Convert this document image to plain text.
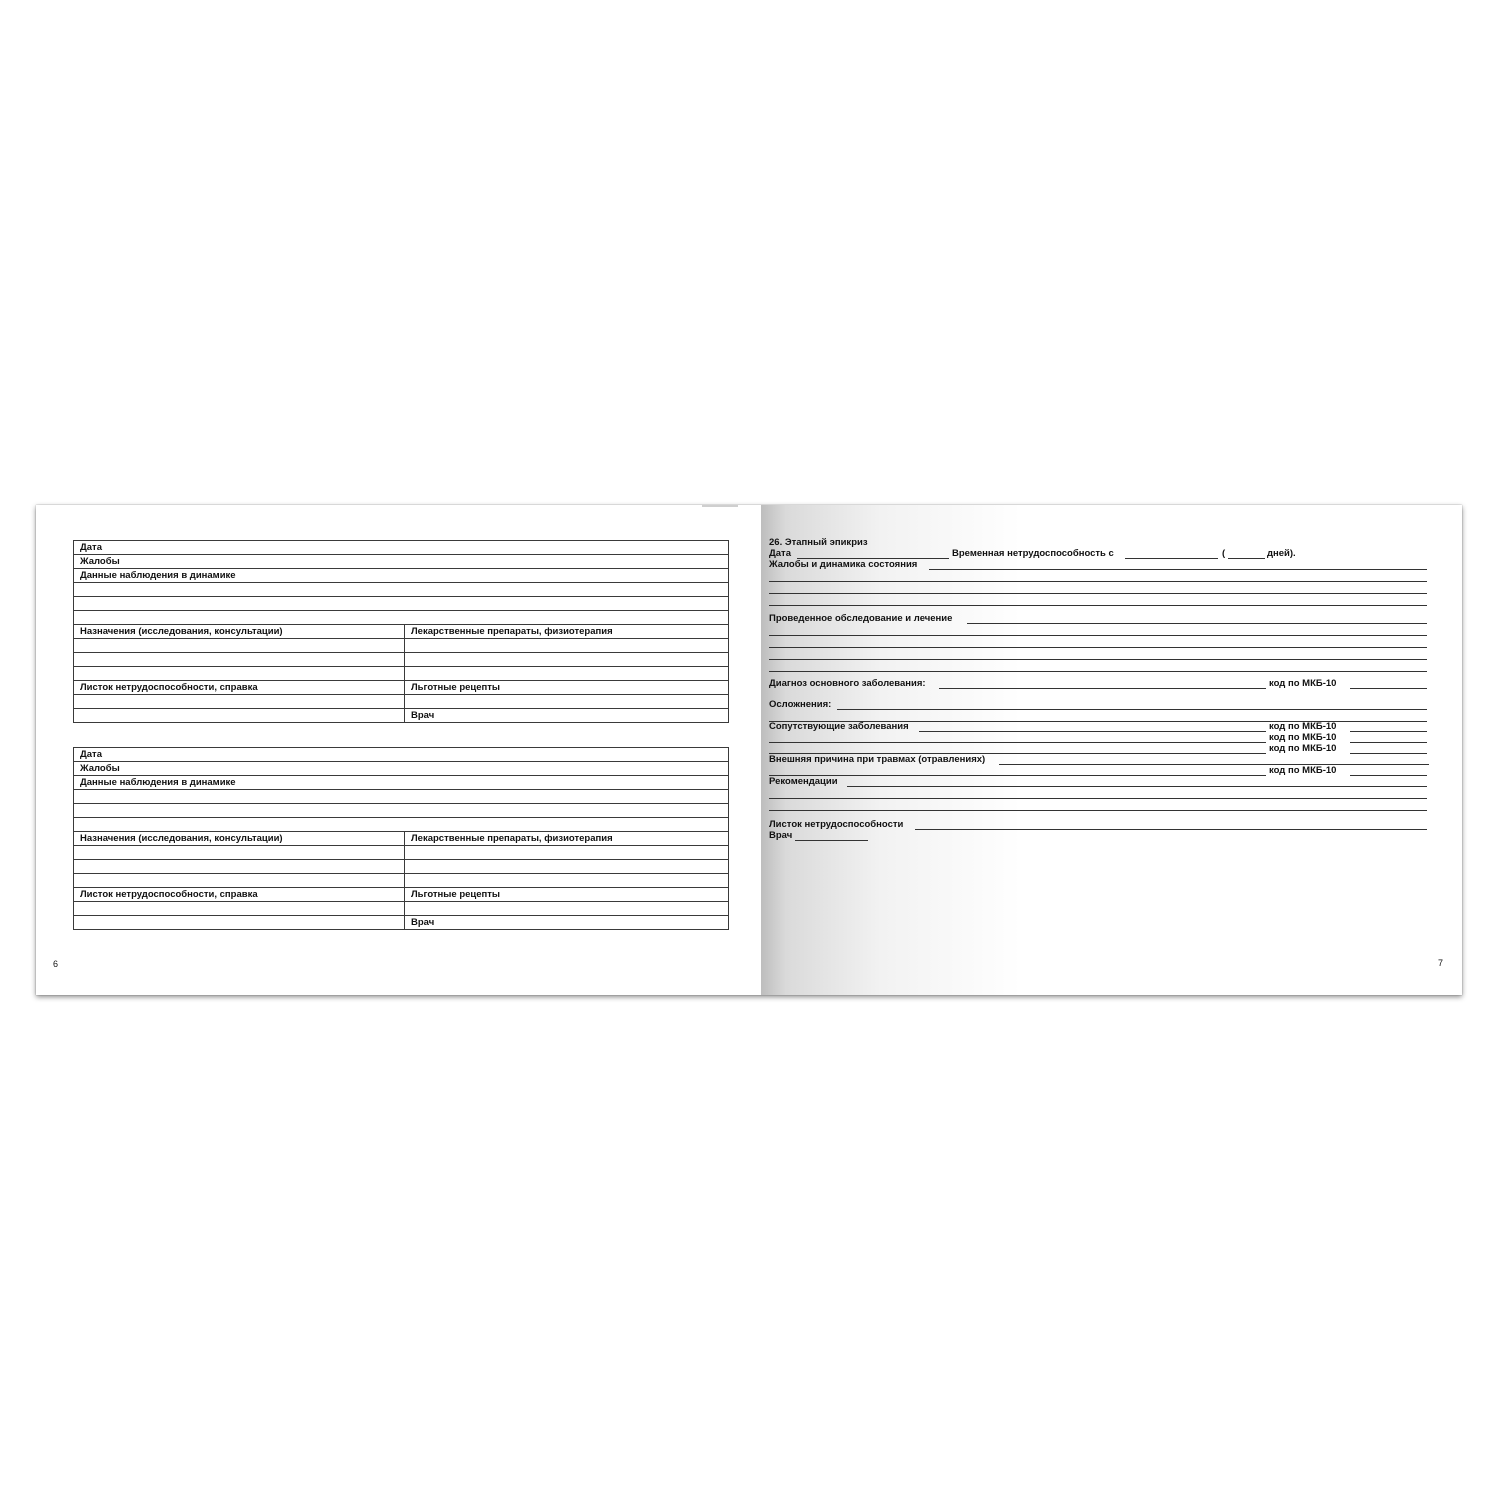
Дата	
Жалобы	
Данные наблюдения в динамике	

Назначения (исследования, консультации)	Лекарственные препараты, физиотерапия

Листок нетрудоспособности, справка	Льготные рецепты

	Врач
Дата	
Жалобы	
Данные наблюдения в динамике	

Назначения (исследования, консультации)	Лекарственные препараты, физиотерапия

Листок нетрудоспособности, справка	Льготные рецепты

	Врач
6
26. Этапный эпикриз
Дата	Временная нетрудоспособность с	(	дней).
Жалобы и динамика состояния
Проведенное обследование и лечение
Диагноз основного заболевания:	код по МКБ-10
Осложнения:
Сопутствующие заболевания	код по МКБ-10
код по МКБ-10
код по МКБ-10
Внешняя причина при травмах (отравлениях)
код по МКБ-10
Рекомендации
Листок нетрудоспособности
Врач
7
